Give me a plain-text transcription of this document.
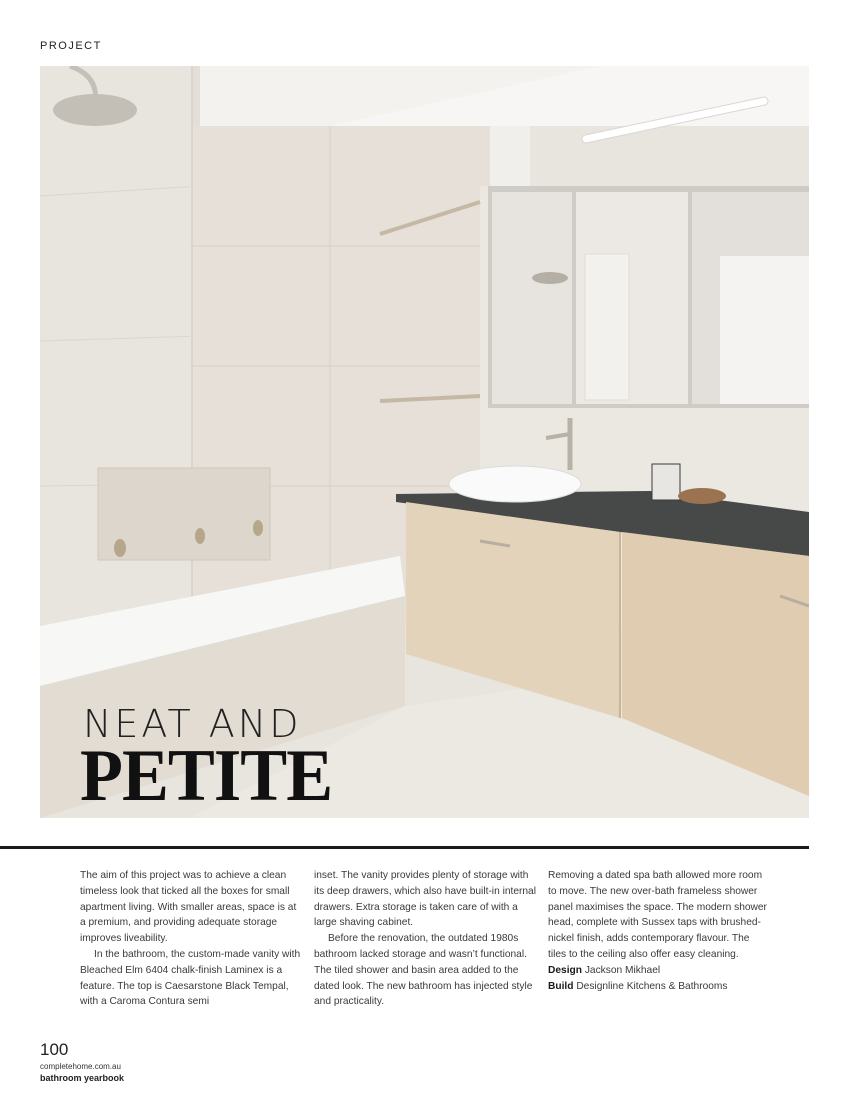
PROJECT
NEAT AND
PETITE

The aim of this project was to achieve a clean timeless look that ticked all the boxes for small apartment living. With smaller areas, space is at a premium, and providing adequate storage improves liveability.

In the bathroom, the custom-made vanity with Bleached Elm 6404 chalk-finish Laminex is a feature. The top is Caesarstone Black Tempal, with a Caroma Contura semi

inset. The vanity provides plenty of storage with its deep drawers, which also have built-in internal drawers. Extra storage is taken care of with a large shaving cabinet.

Before the renovation, the outdated 1980s bathroom lacked storage and wasn’t functional. The tiled shower and basin area added to the dated look. The new bathroom has injected style and practicality.

Removing a dated spa bath allowed more room to move. The new over-bath frameless shower panel maximises the space. The modern shower head, complete with Sussex taps with brushed-nickel finish, adds contemporary flavour. The tiles to the ceiling also offer easy cleaning.

Design Jackson Mikhael

Build Designline Kitchens & Bathrooms

100
completehome.com.au
bathroom yearbook
